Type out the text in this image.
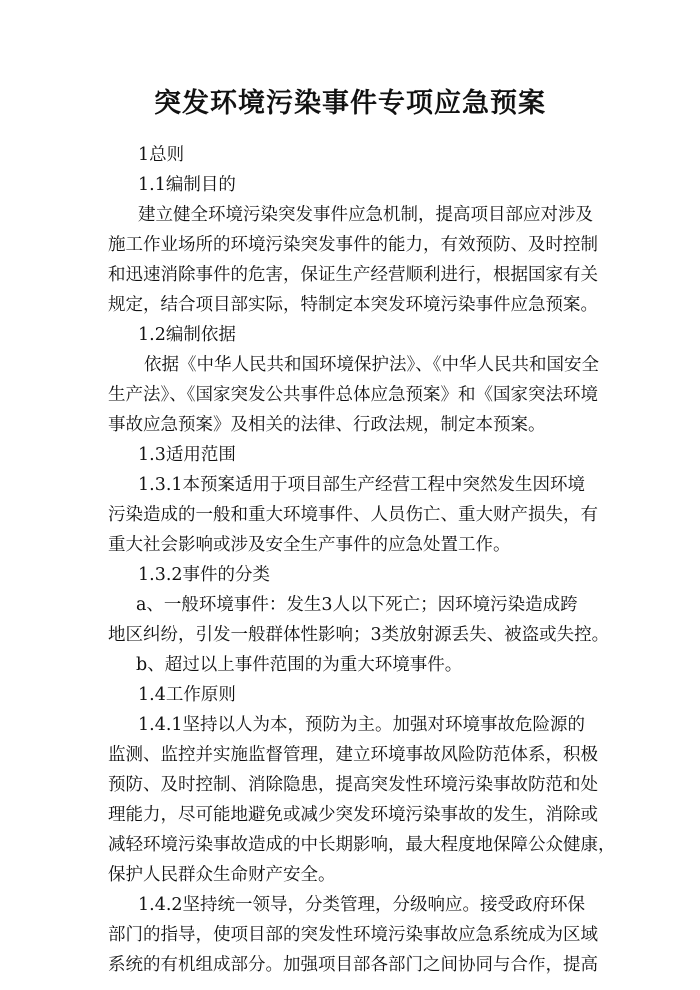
突发环境污染事件专项应急预案
1总则
1.1编制目的
建立健全环境污染突发事件应急机制，提高项目部应对涉及
施工作业场所的环境污染突发事件的能力，有效预防、及时控制
和迅速消除事件的危害，保证生产经营顺利进行，根据国家有关
规定，结合项目部实际，特制定本突发环境污染事件应急预案。
1.2编制依据
依据《中华人民共和国环境保护法》、《中华人民共和国安全
生产法》、《国家突发公共事件总体应急预案》和《国家突法环境
事故应急预案》及相关的法律、行政法规，制定本预案。
1.3适用范围
1.3.1本预案适用于项目部生产经营工程中突然发生因环境
污染造成的一般和重大环境事件、人员伤亡、重大财产损失，有
重大社会影响或涉及安全生产事件的应急处置工作。
1.3.2事件的分类
a、一般环境事件：发生3人以下死亡；因环境污染造成跨
地区纠纷，引发一般群体性影响；3类放射源丢失、被盗或失控。
b、超过以上事件范围的为重大环境事件。
1.4工作原则
1.4.1坚持以人为本，预防为主。加强对环境事故危险源的
监测、监控并实施监督管理，建立环境事故风险防范体系，积极
预防、及时控制、消除隐患，提高突发性环境污染事故防范和处
理能力，尽可能地避免或减少突发环境污染事故的发生，消除或
减轻环境污染事故造成的中长期影响，最大程度地保障公众健康，
保护人民群众生命财产安全。
1.4.2坚持统一领导，分类管理，分级响应。接受政府环保
部门的指导，使项目部的突发性环境污染事故应急系统成为区域
系统的有机组成部分。加强项目部各部门之间协同与合作，提高
